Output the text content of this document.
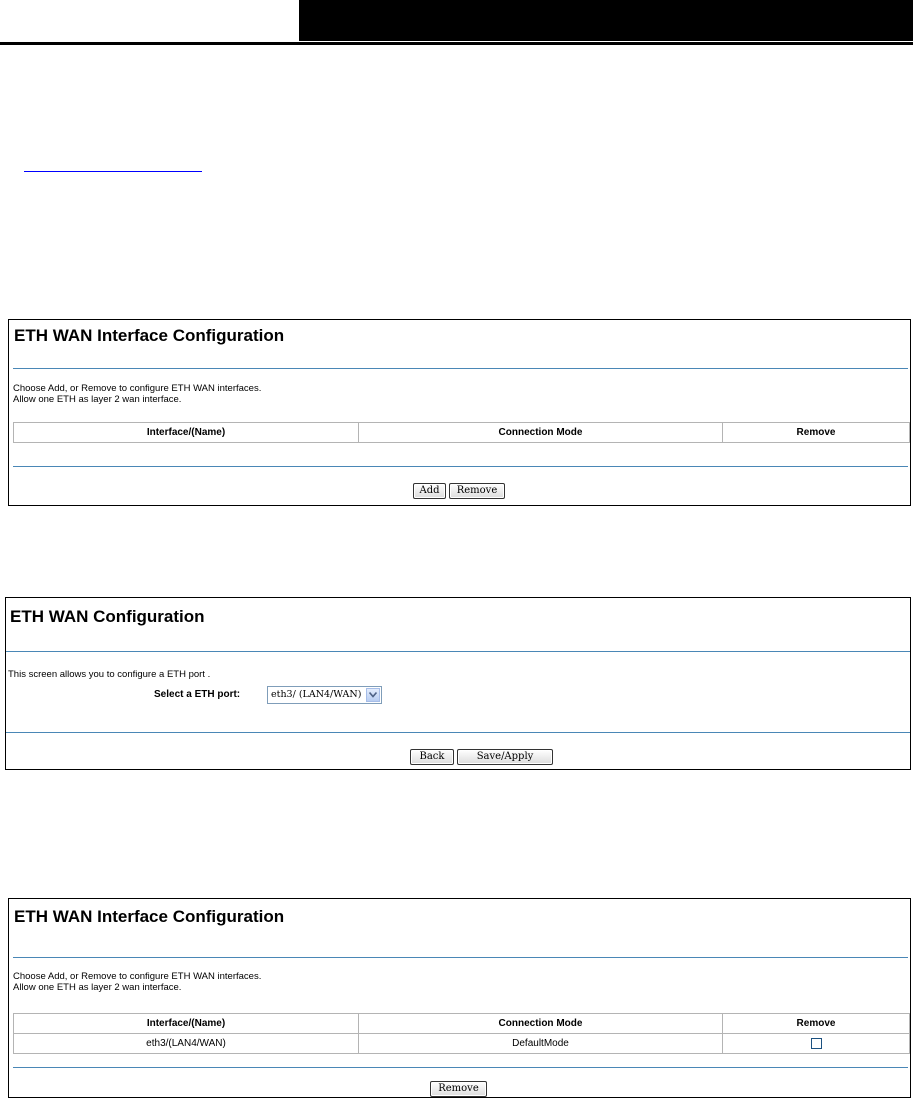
ETH WAN Interface Configuration
Choose Add, or Remove to configure ETH WAN interfaces.
Allow one ETH as layer 2 wan interface.
Interface/(Name)	Connection Mode	Remove
Add	Remove
ETH WAN Configuration
This screen allows you to configure a ETH port .
Select a ETH port:	eth3/ (LAN4/WAN)
Back	Save/Apply
ETH WAN Interface Configuration
Choose Add, or Remove to configure ETH WAN interfaces.
Allow one ETH as layer 2 wan interface.
Interface/(Name)	Connection Mode	Remove
eth3/(LAN4/WAN)	DefaultMode	
Remove
